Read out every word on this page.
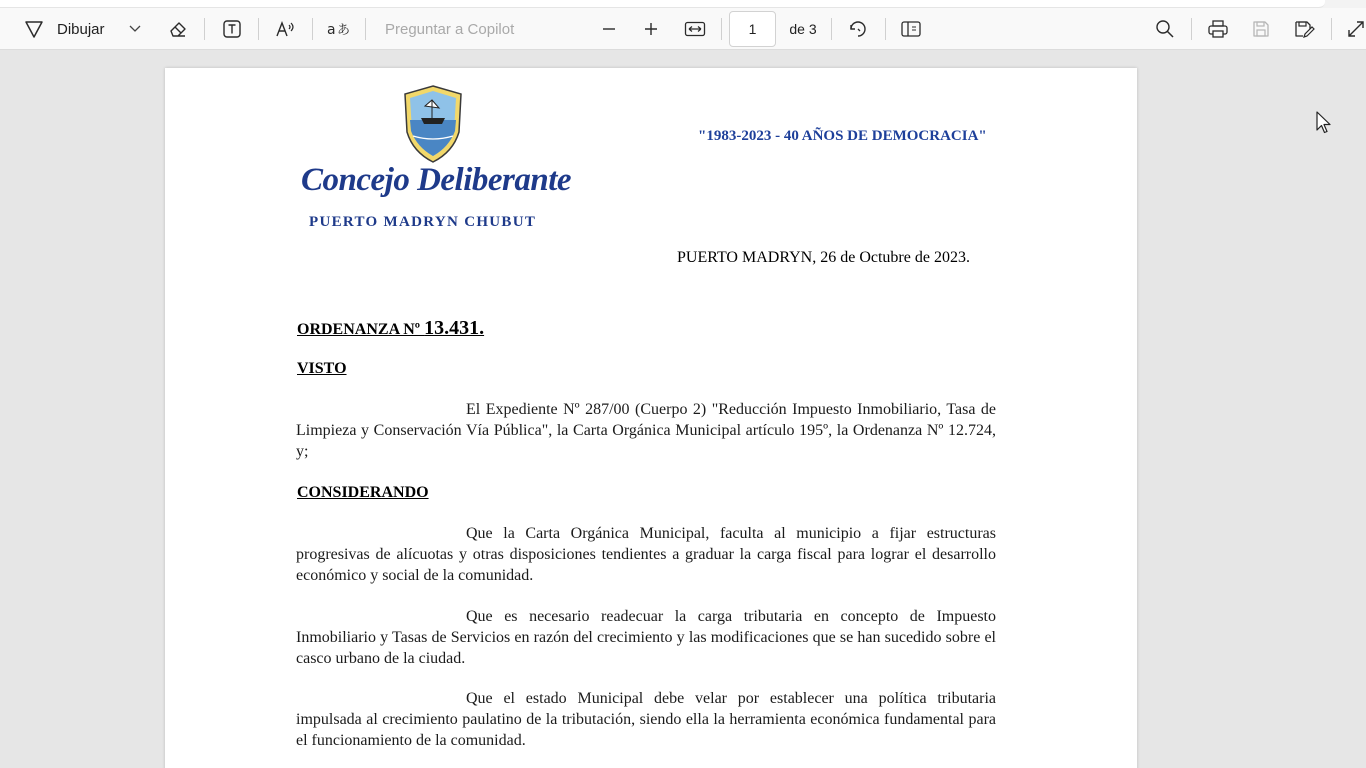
Dibujar	a あ Preguntar a Copilot	1	de 3
"1983-2023 - 40 AÑOS DE DEMOCRACIA"
Concejo Deliberante
PUERTO MADRYN CHUBUT
PUERTO MADRYN, 26 de Octubre de 2023.
ORDENANZA Nº 13.431.
VISTO
El Expediente Nº 287/00 (Cuerpo 2) "Reducción Impuesto Inmobiliario, Tasa de Limpieza y Conservación Vía Pública", la Carta Orgánica Municipal artículo 195º, la Ordenanza Nº 12.724, y;
CONSIDERANDO
Que la Carta Orgánica Municipal, faculta al municipio a fijar estructuras progresivas de alícuotas y otras disposiciones tendientes a graduar la carga fiscal para lograr el desarrollo económico y social de la comunidad.
Que es necesario readecuar la carga tributaria en concepto de Impuesto Inmobiliario y Tasas de Servicios en razón del crecimiento y las modificaciones que se han sucedido sobre el casco urbano de la ciudad.
Que el estado Municipal debe velar por establecer una política tributaria impulsada al crecimiento paulatino de la tributación, siendo ella la herramienta económica fundamental para el funcionamiento de la comunidad.
